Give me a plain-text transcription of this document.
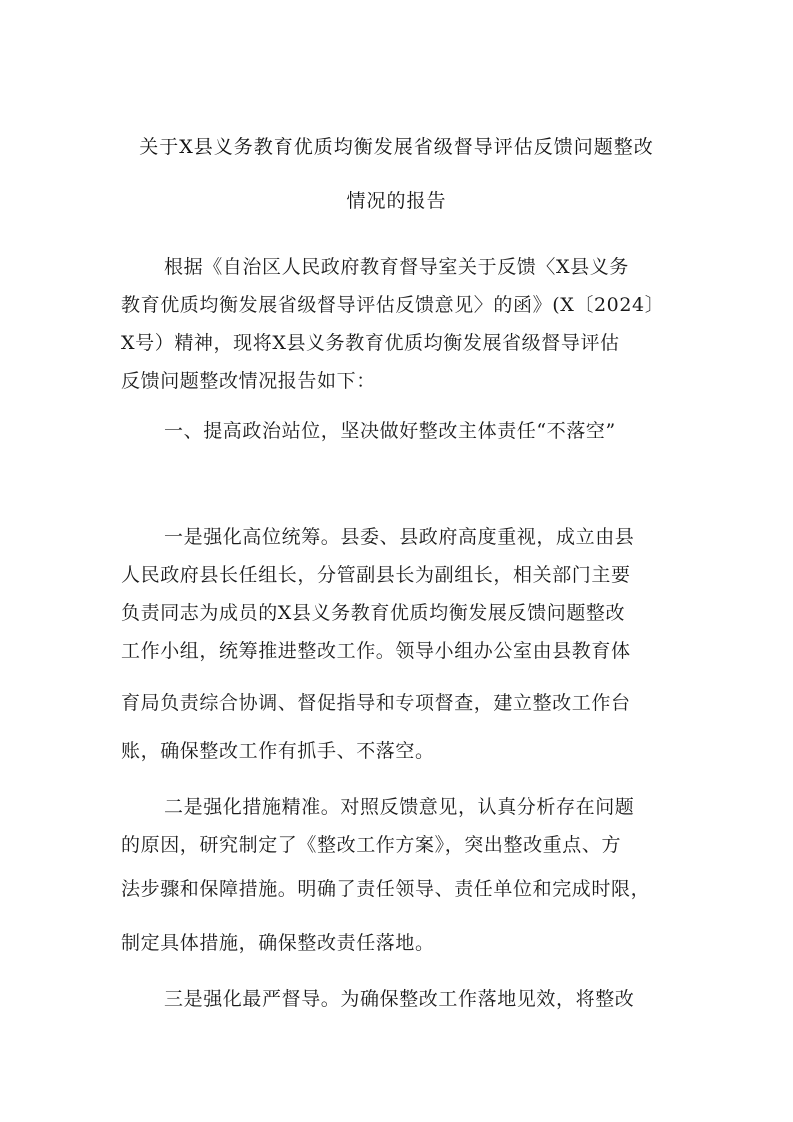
关于X县义务教育优质均衡发展省级督导评估反馈问题整改
情况的报告
根据《自治区人民政府教育督导室关于反馈〈X县义务
教育优质均衡发展省级督导评估反馈意见〉的函》(X〔2024〕
X号）精神，现将X县义务教育优质均衡发展省级督导评估
反馈问题整改情况报告如下：
一、提高政治站位，坚决做好整改主体责任“不落空”
一是强化高位统筹。县委、县政府高度重视，成立由县
人民政府县长任组长，分管副县长为副组长，相关部门主要
负责同志为成员的X县义务教育优质均衡发展反馈问题整改
工作小组，统筹推进整改工作。领导小组办公室由县教育体
育局负责综合协调、督促指导和专项督查，建立整改工作台
账，确保整改工作有抓手、不落空。
二是强化措施精准。对照反馈意见，认真分析存在问题
的原因，研究制定了《整改工作方案》，突出整改重点、方
法步骤和保障措施。明确了责任领导、责任单位和完成时限，
制定具体措施，确保整改责任落地。
三是强化最严督导。为确保整改工作落地见效，将整改
